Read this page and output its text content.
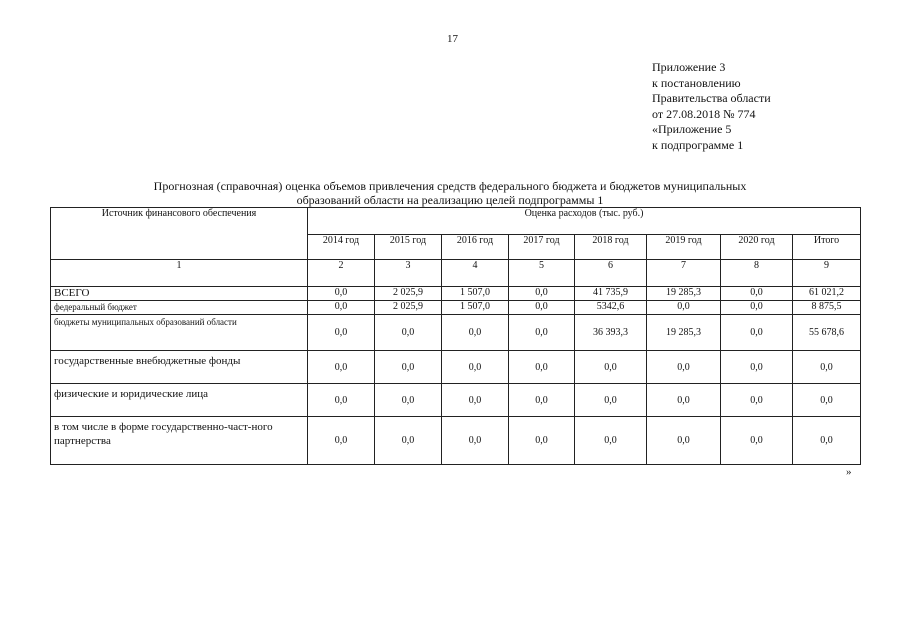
17
Приложение 3
к постановлению
Правительства области
от 27.08.2018 № 774
«Приложение 5
к подпрограмме 1
Прогнозная (справочная) оценка объемов привлечения средств федерального бюджета и бюджетов муниципальных
образований области на реализацию целей подпрограммы 1
Источник финансового обеспечения	Оценка расходов (тыс. руб.)							
	2014 год	2015 год	2016 год	2017 год	2018 год	2019 год	2020 год	Итого
1	2	3	4	5	6	7	8	9
ВСЕГО	0,0	2 025,9	1 507,0	0,0	41 735,9	19 285,3	0,0	61 021,2
федеральный бюджет	0,0	2 025,9	1 507,0	0,0	5342,6	0,0	0,0	8 875,5
бюджеты муниципальных образований области	0,0	0,0	0,0	0,0	36 393,3	19 285,3	0,0	55 678,6
государственные внебюджетные фонды	0,0	0,0	0,0	0,0	0,0	0,0	0,0	0,0
физические и юридические лица	0,0	0,0	0,0	0,0	0,0	0,0	0,0	0,0
в том числе в форме государственно-част-ного партнерства	0,0	0,0	0,0	0,0	0,0	0,0	0,0	0,0
»
